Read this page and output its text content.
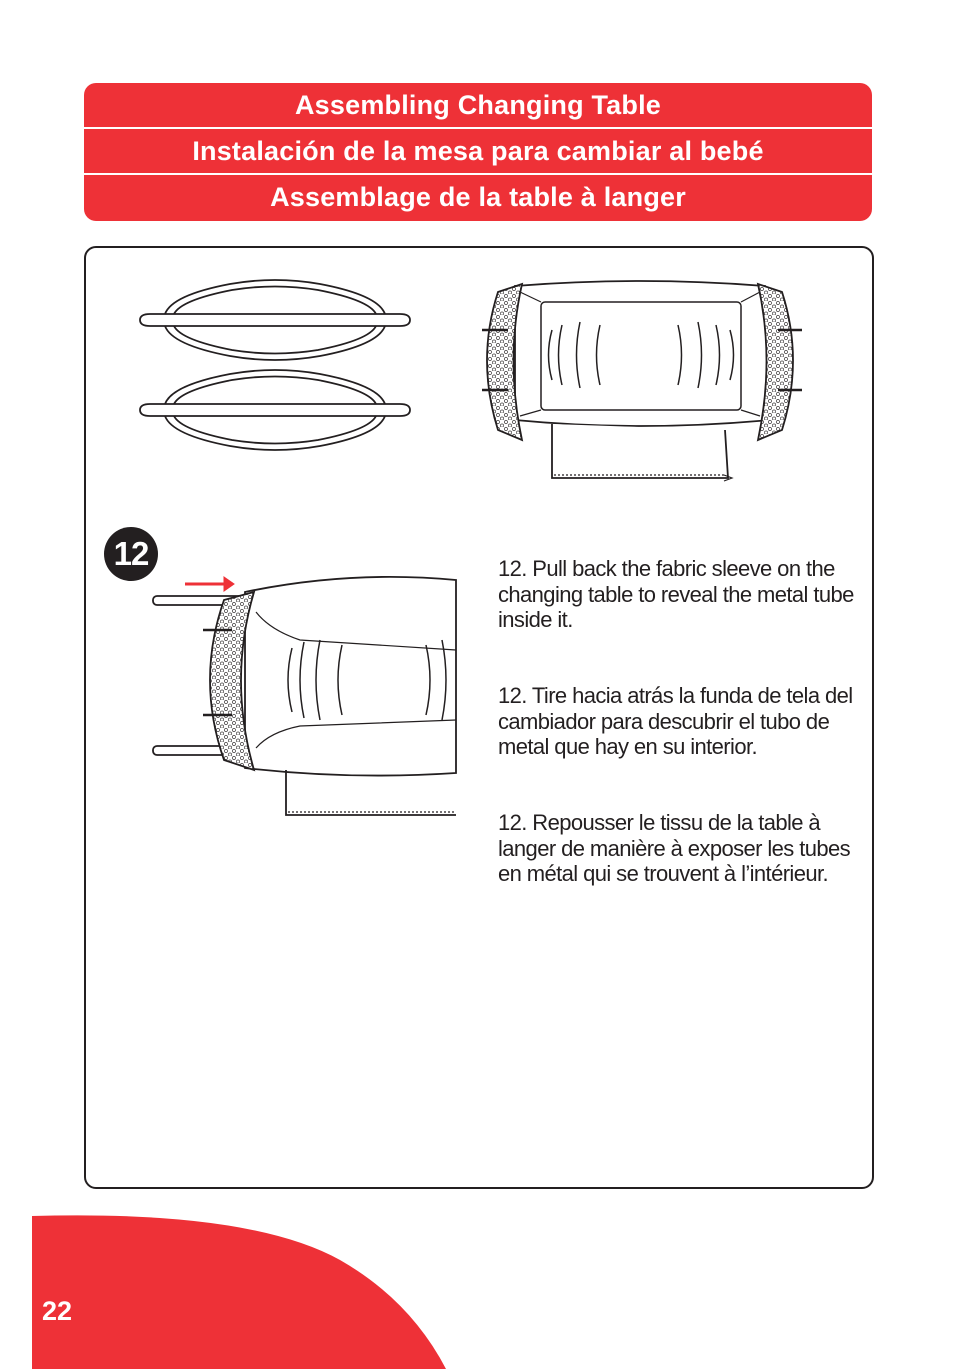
Assembling Changing Table
Instalación de la mesa para cambiar al bebé
Assemblage de la table à langer
12	12. Pull back the fabric sleeve on the changing table to reveal the metal tube inside it.

12. Tire hacia atrás la funda de tela del cambiador para descubrir el tubo de metal que hay en su interior.

12. Repousser le tissu de la table à langer de manière à exposer les tubes en métal qui se trouvent à l’intérieur.

22
